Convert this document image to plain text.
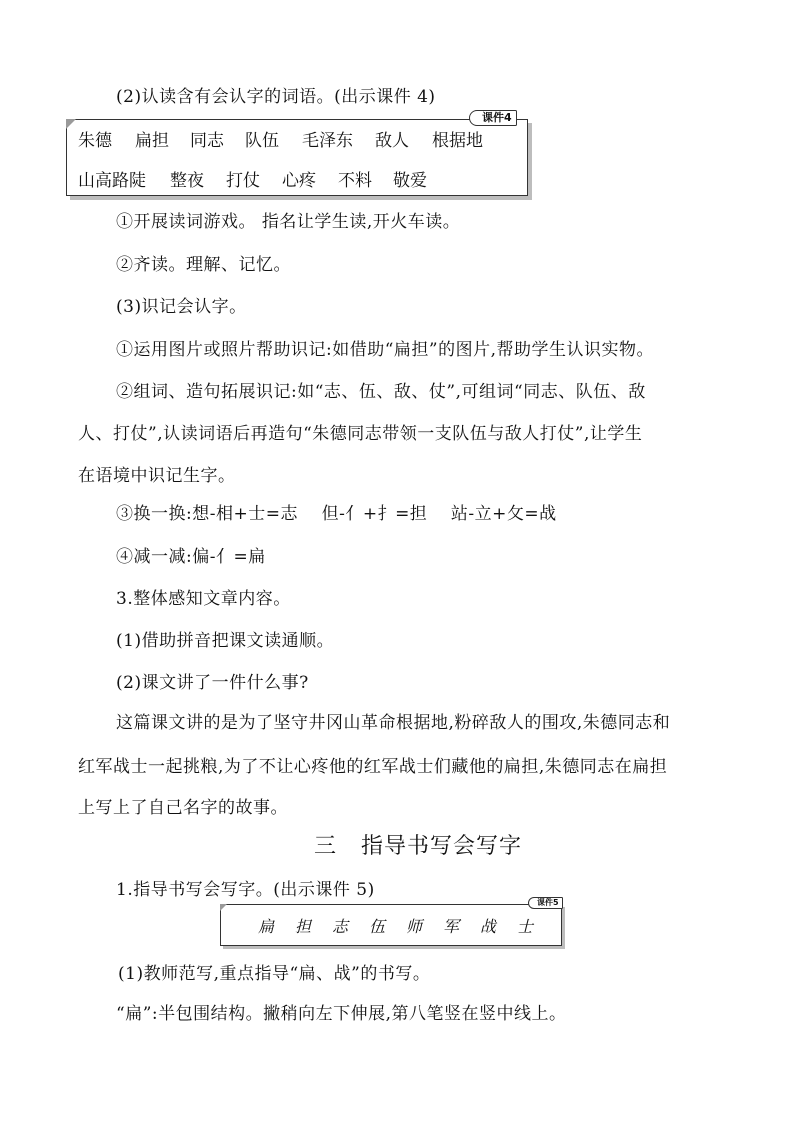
(2)认读含有会认字的词语。(出示课件 4)
课件4
朱德 扁担 同志 队伍 毛泽东 敌人 根据地
山高路陡 整夜 打仗 心疼 不料 敬爱
①开展读词游戏。 指名让学生读,开火车读。
②齐读。理解、记忆。
(3)识记会认字。
①运用图片或照片帮助识记:如借助“扁担”的图片,帮助学生认识实物。
②组词、造句拓展识记:如“志、伍、敌、仗”,可组词“同志、队伍、敌
人、打仗”,认读词语后再造句“朱德同志带领一支队伍与敌人打仗”,让学生
在语境中识记生字。
③换一换:想-相+士=志    但-亻+扌=担    站-立+攵=战
④减一减:偏-亻=扁
3.整体感知文章内容。
(1)借助拼音把课文读通顺。
(2)课文讲了一件什么事?
这篇课文讲的是为了坚守井冈山革命根据地,粉碎敌人的围攻,朱德同志和
红军战士一起挑粮,为了不让心疼他的红军战士们藏他的扁担,朱德同志在扁担
上写上了自己名字的故事。
三   指导书写会写字
1.指导书写会写字。(出示课件 5)
课件5
扁 担 志 伍 师 军 战 士
(1)教师范写,重点指导“扁、战”的书写。
“扁”:半包围结构。撇稍向左下伸展,第八笔竖在竖中线上。
